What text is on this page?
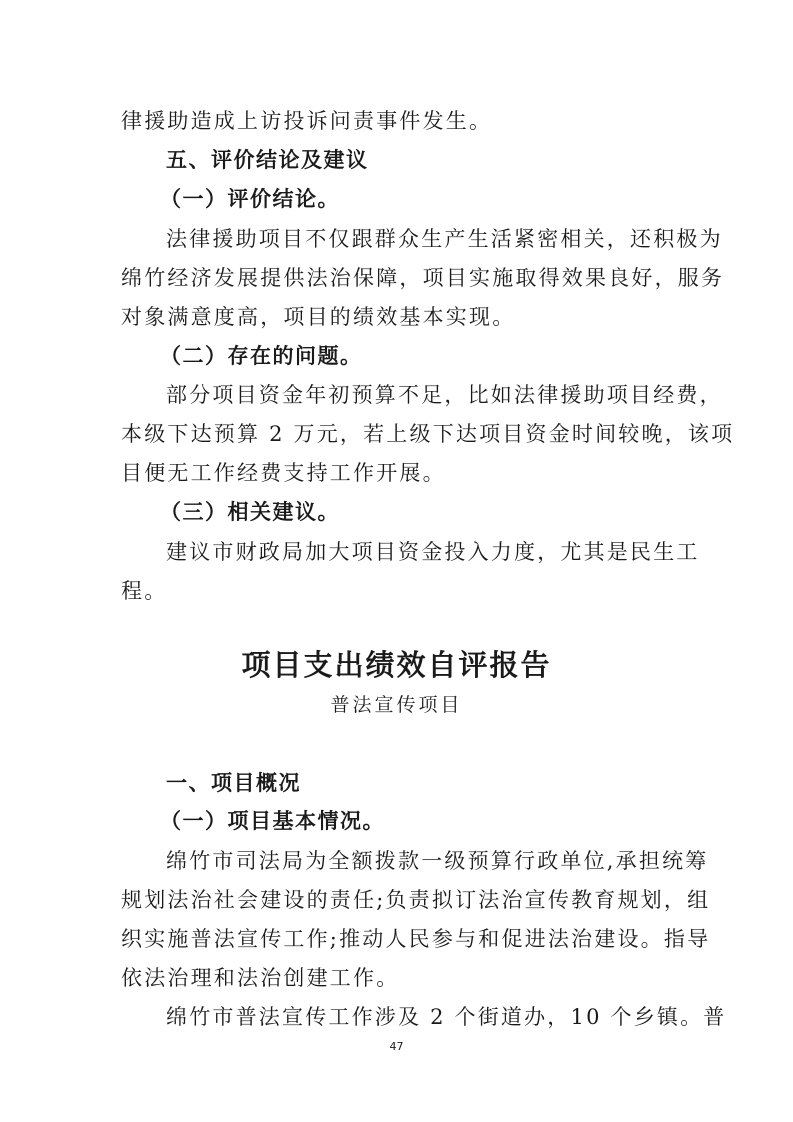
律援助造成上访投诉问责事件发生。
五、评价结论及建议
（一）评价结论。
法律援助项目不仅跟群众生产生活紧密相关，还积极为
绵竹经济发展提供法治保障，项目实施取得效果良好，服务
对象满意度高，项目的绩效基本实现。
（二）存在的问题。
部分项目资金年初预算不足，比如法律援助项目经费，
本级下达预算 2 万元，若上级下达项目资金时间较晚，该项
目便无工作经费支持工作开展。
（三）相关建议。
建议市财政局加大项目资金投入力度，尤其是民生工
程。
项目支出绩效自评报告
普法宣传项目
一、项目概况
（一）项目基本情况。
绵竹市司法局为全额拨款一级预算行政单位,承担统筹
规划法治社会建设的责任;负责拟订法治宣传教育规划，组
织实施普法宣传工作;推动人民参与和促进法治建设。指导
依法治理和法治创建工作。
绵竹市普法宣传工作涉及 2 个街道办，10 个乡镇。普
47
